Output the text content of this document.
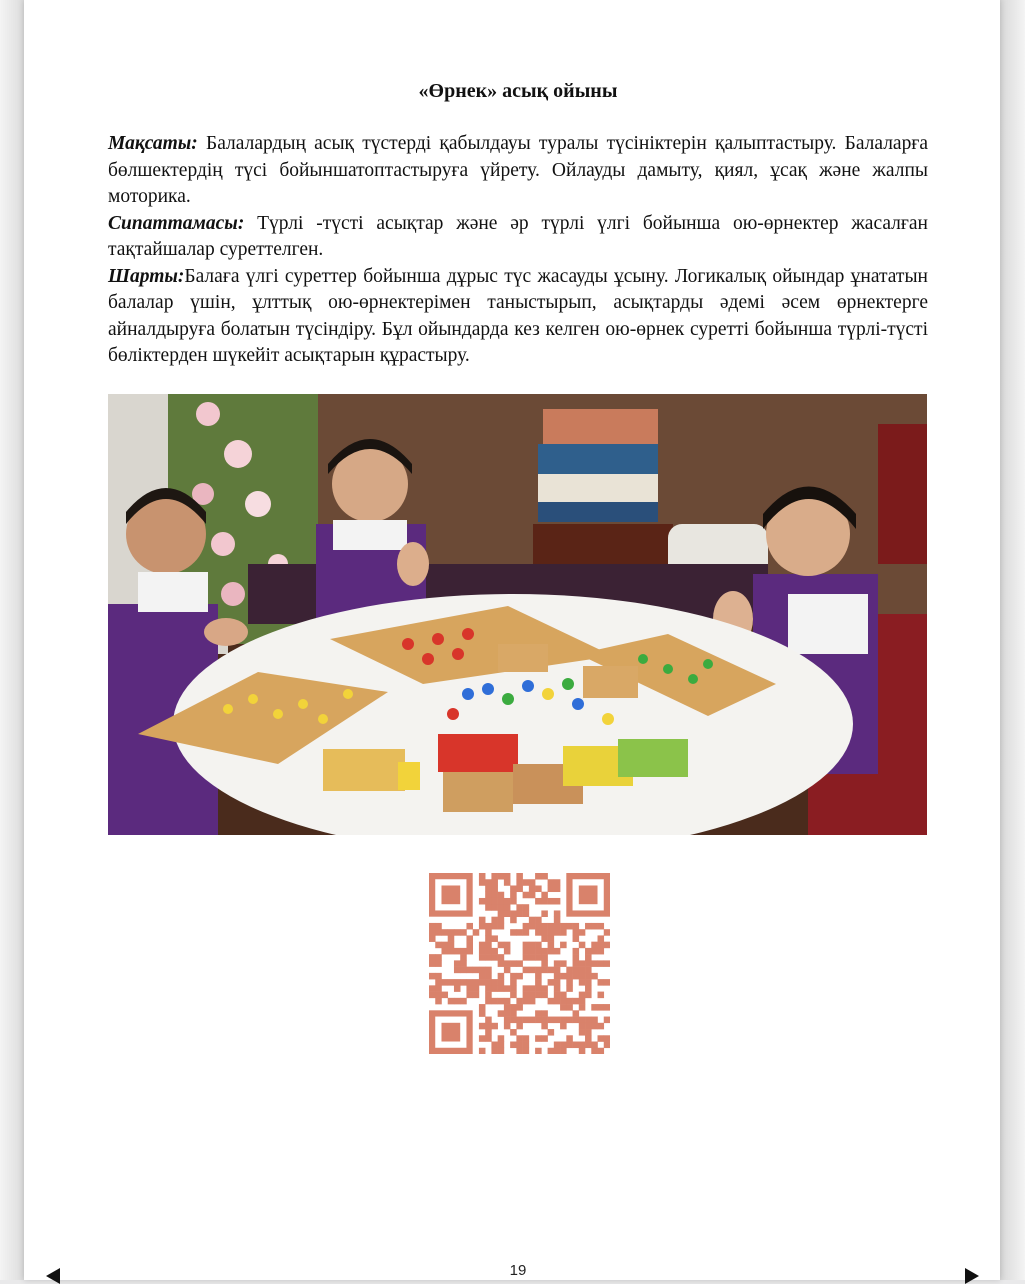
«Өрнек» асық ойыны

Мақсаты: Балалардың асық түстерді қабылдауы туралы түсініктерін қалыптастыру. Балаларға бөлшектердің түсі бойыншатоптастыруға үйрету. Ойлауды дамыту, қиял, ұсақ және жалпы моторика.

Сипаттамасы: Түрлі -түсті асықтар және әр түрлі үлгі бойынша ою-өрнектер жасалған тақтайшалар суреттелген.

Шарты:Балаға үлгі суреттер бойынша дұрыс түс жасауды ұсыну. Логикалық ойындар ұнататын балалар үшін, ұлттық ою-өрнектерімен таныстырып, асықтарды әдемі әсем өрнектерге айналдыруға болатын түсіндіру. Бұл ойындарда кез келген ою-өрнек суретті бойынша түрлі-түсті бөліктерден шүкейіт асықтарын құрастыру.

19
